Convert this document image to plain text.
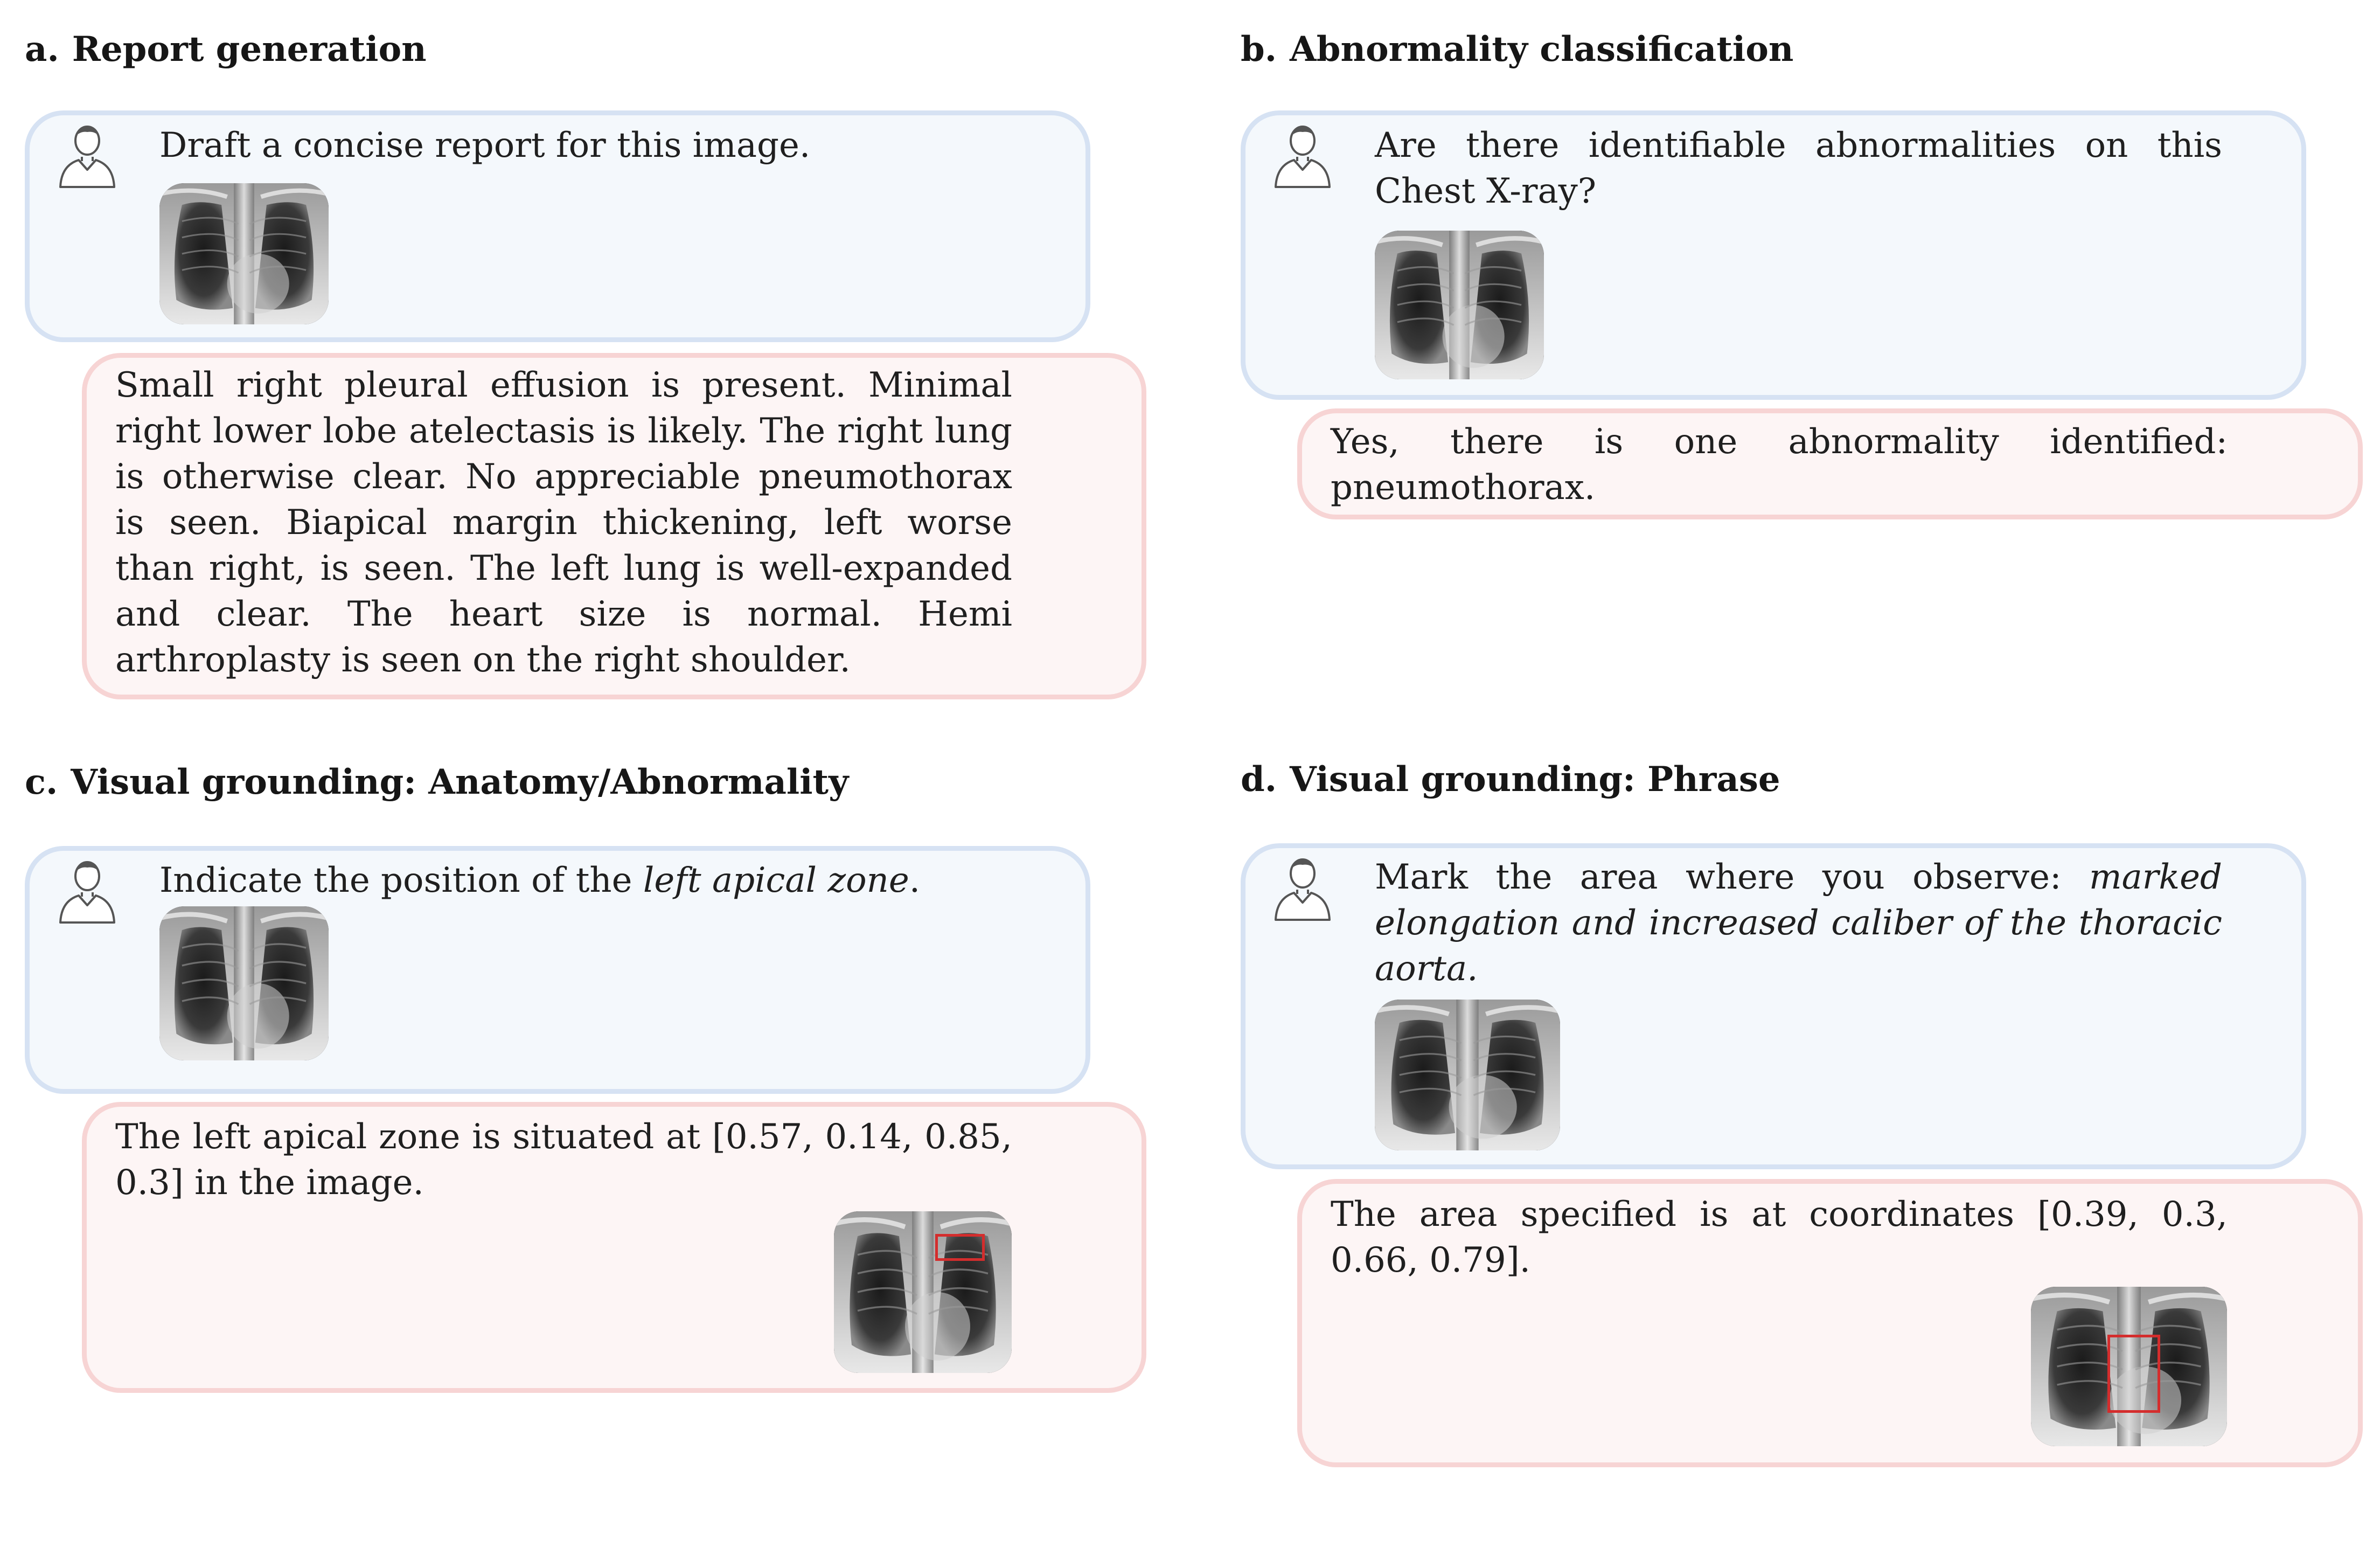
a. Report generation
Draft a concise report for this image.
Small right pleural effusion is present. Minimal right lower lobe atelectasis is likely. The right lung is otherwise clear. No appreciable pneumothorax is seen. Biapical margin thickening, left worse than right, is seen. The left lung is well-expanded and clear. The heart size is normal. Hemi arthroplasty is seen on the right shoulder.
b. Abnormality classification
Are there identifiable abnormalities on this Chest X-ray?
Yes, there is one abnormality identified: pneumothorax.
c. Visual grounding: Anatomy/Abnormality
Indicate the position of the left apical zone.
The left apical zone is situated at [0.57, 0.14, 0.85, 0.3] in the image.
d. Visual grounding: Phrase
Mark the area where you observe: marked elongation and increased caliber of the thoracic aorta.
The area specified is at coordinates [0.39, 0.3, 0.66, 0.79].
